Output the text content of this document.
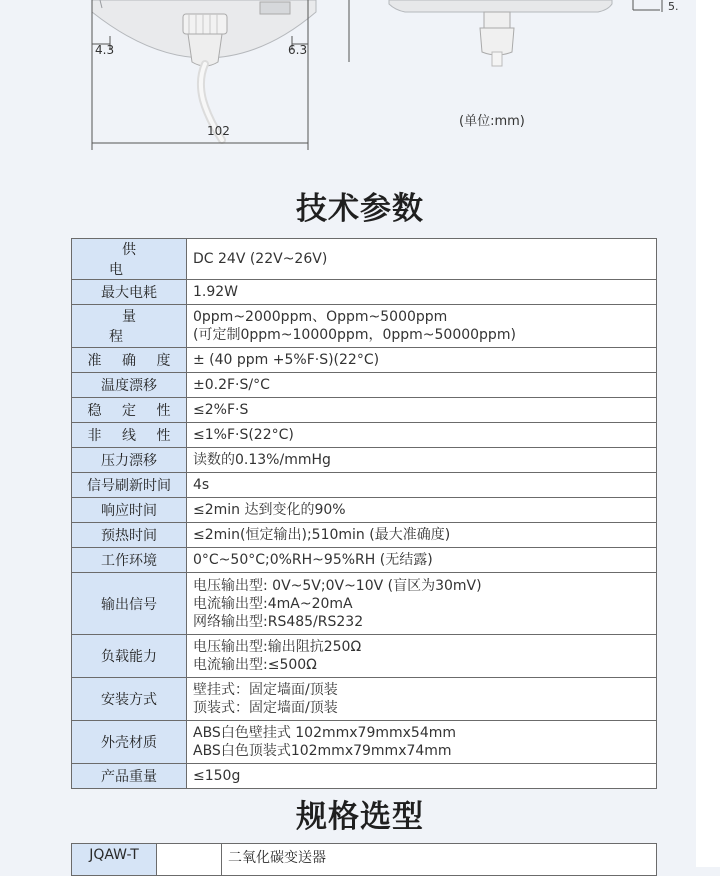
4.3	6.3
102
5.
(单位:mm)
技术参数
供 电	DC 24V (22V~26V)

最大电耗	1.92W

量 程	0ppm~2000ppm、Oppm~5000ppm
(可定制0ppm~10000ppm，0ppm~50000ppm)

准 确 度	± (40 ppm +5%F·S)(22°C)

温度漂移	±0.2F·S/°C

稳 定 性	≤2%F·S

非 线 性	≤1%F·S(22°C)

压力漂移	读数的0.13%/mmHg

信号刷新时间	4s

响应时间	≤2min 达到变化的90%

预热时间	≤2min(恒定输出);510min (最大准确度)

工作环境	0°C~50°C;0%RH~95%RH (无结露)

输出信号	电压输出型: 0V~5V;0V~10V (盲区为30mV)
电流输出型:4mA~20mA
网络输出型:RS485/RS232

负载能力	电压输出型:输出阻抗250Ω
电流输出型:≤500Ω

安装方式	壁挂式：固定墙面/顶装
顶装式：固定墙面/顶装

外壳材质	ABS白色壁挂式 102mmx79mmx54mm
ABS白色顶装式102mmx79mmx74mm

产品重量	≤150g
规格选型
JQAW-T		二氧化碳变送器
